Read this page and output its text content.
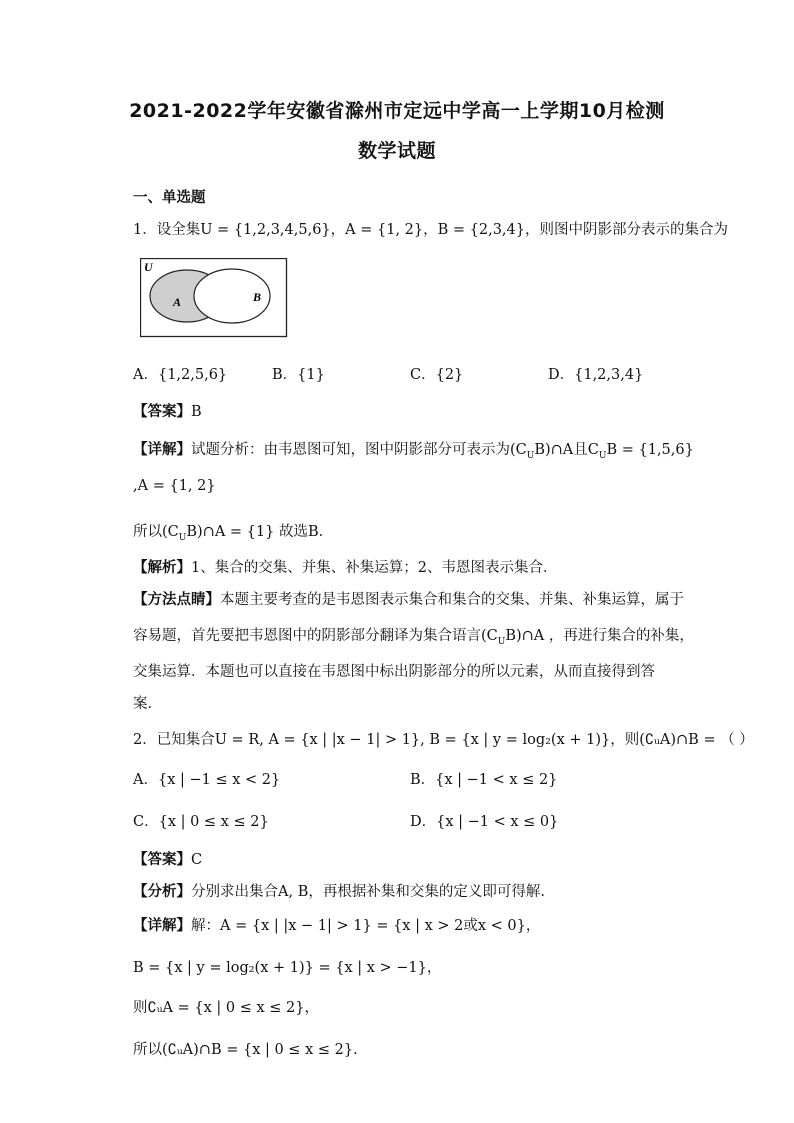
2021-2022学年安徽省滁州市定远中学高一上学期10月检测
数学试题
一、单选题
1．设全集U = {1,2,3,4,5,6}，A = {1, 2}，B = {2,3,4}，则图中阴影部分表示的集合为
U
A	B
A．{1,2,5,6}	B．{1}	C．{2}	D．{1,2,3,4}
【答案】B
【详解】试题分析：由韦恩图可知，图中阴影部分可表示为$(C_UB)\cap A$且$C_UB = \{1,5,6\}$
,A = {1, 2}
所以$(C_UB)\cap A = \{1\}$ 故选B．
【解析】1、集合的交集、并集、补集运算；2、韦恩图表示集合．
【方法点睛】本题主要考查的是韦恩图表示集合和集合的交集、并集、补集运算，属于
容易题，首先要把韦恩图中的阴影部分翻译为集合语言$(C_UB)\cap A$ ，再进行集合的补集，
交集运算．本题也可以直接在韦恩图中标出阴影部分的所以元素，从而直接得到答
案．
2．已知集合U = R, A = {x | |x − 1| > 1}, B = {x | y = log₂(x + 1)}，则(∁ᵤA)∩B = （ ）
A．{x | −1 ≤ x < 2}	B．{x | −1 < x ≤ 2}
C．{x | 0 ≤ x ≤ 2}	D．{x | −1 < x ≤ 0}
【答案】C
【分析】分别求出集合A, B，再根据补集和交集的定义即可得解.
【详解】解：A = {x | |x − 1| > 1} = {x | x > 2或x < 0}，
B = {x | y = log₂(x + 1)} = {x | x > −1}，
则∁ᵤA = {x | 0 ≤ x ≤ 2}，
所以(∁ᵤA)∩B = {x | 0 ≤ x ≤ 2}.
